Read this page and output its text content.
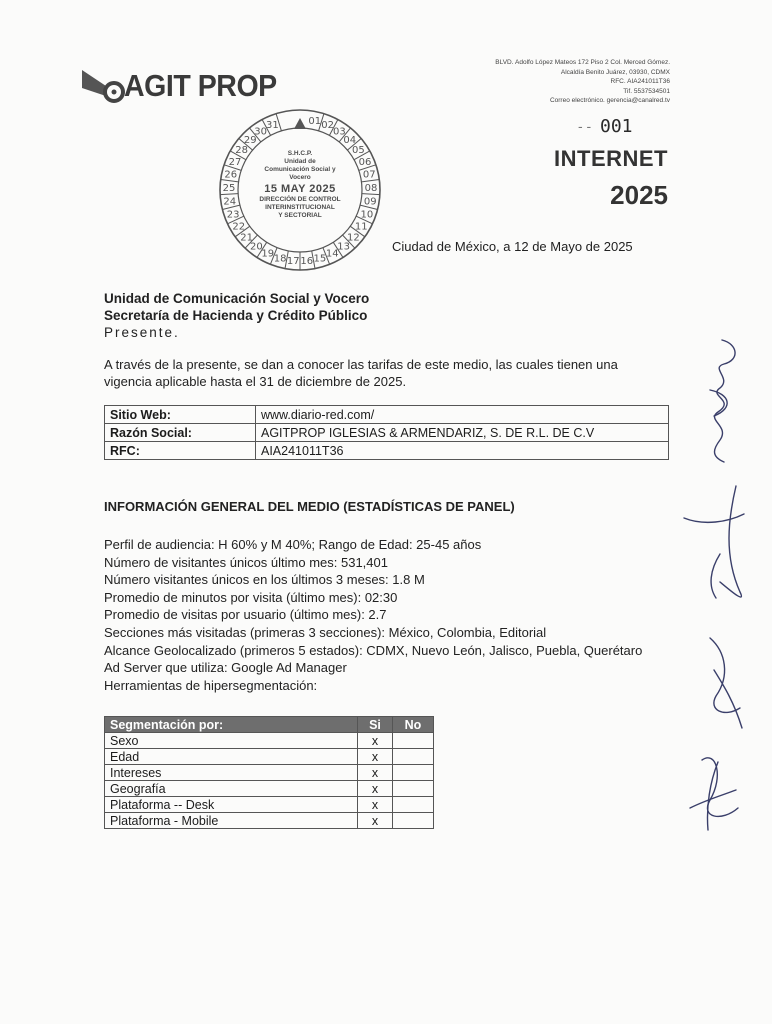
AGIT PROP
BLVD. Adolfo López Mateos 172 Piso 2 Col. Merced Gómez.
Alcaldía Benito Juárez, 03930, CDMX
RFC. AIA241011T36
Tif. 5537534501
Correo electrónico. gerencia@canalred.tv
- - 001
INTERNET
2025
01 02
03
04
05
06
07
08
09
10
11
12
13
14
15
16
17
18
19
20
21
22
23
24
25
26
27
28
29
30
31
S.H.C.P.
Unidad de
Comunicación Social y Vocero
15 MAY 2025
DIRECCIÓN DE CONTROL
INTERINSTITUCIONAL
Y SECTORIAL
Ciudad de México, a 12 de Mayo de 2025
Unidad de Comunicación Social y Vocero
Secretaría de Hacienda y Crédito Público
Presente.
A través de la presente, se dan a conocer las tarifas de este medio, las cuales tienen una vigencia aplicable hasta el 31 de diciembre de 2025.
Sitio Web:	www.diario-red.com/
Razón Social:	AGITPROP IGLESIAS & ARMENDARIZ, S. DE R.L. DE C.V
RFC:	AIA241011T36
INFORMACIÓN GENERAL DEL MEDIO (ESTADÍSTICAS DE PANEL)
Perfil de audiencia: H 60% y M 40%; Rango de Edad: 25-45 años
Número de visitantes únicos último mes: 531,401
Número visitantes únicos en los últimos 3 meses: 1.8 M
Promedio de minutos por visita (último mes): 02:30
Promedio de visitas por usuario (último mes): 2.7
Secciones más visitadas (primeras 3 secciones): México, Colombia, Editorial
Alcance Geolocalizado (primeros 5 estados): CDMX, Nuevo León, Jalisco, Puebla, Querétaro
Ad Server que utiliza: Google Ad Manager
Herramientas de hipersegmentación:
Segmentación por:	Si	No
Sexo	x	
Edad	x	
Intereses	x	
Geografía	x	
Plataforma -- Desk	x	
Plataforma - Mobile	x	
